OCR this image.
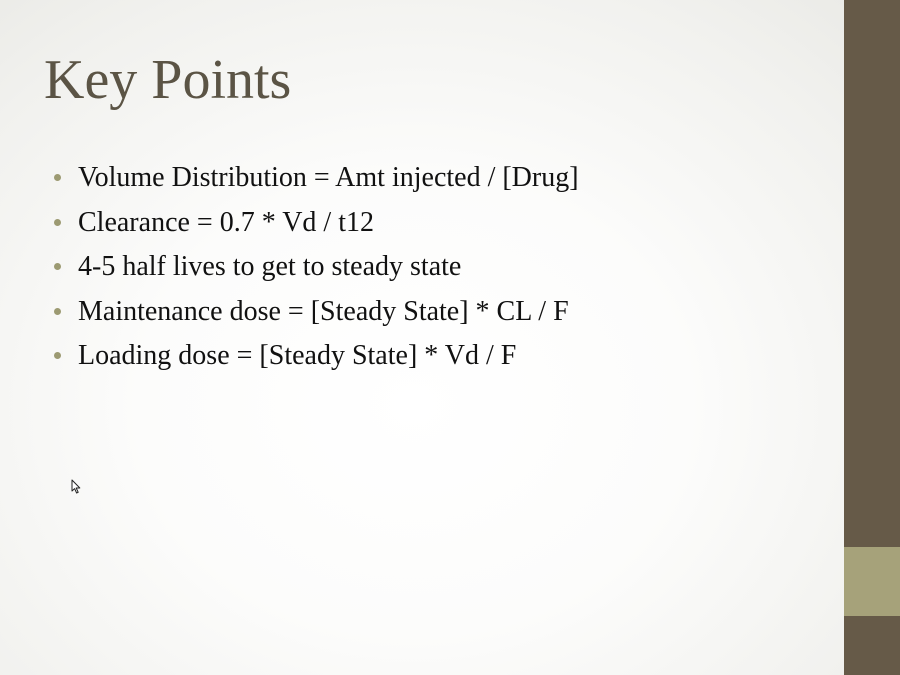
Key Points
Volume Distribution = Amt injected / [Drug]
Clearance = 0.7 * Vd / t12
4-5 half lives to get to steady state
Maintenance dose = [Steady State] * CL / F
Loading dose = [Steady State] * Vd / F
